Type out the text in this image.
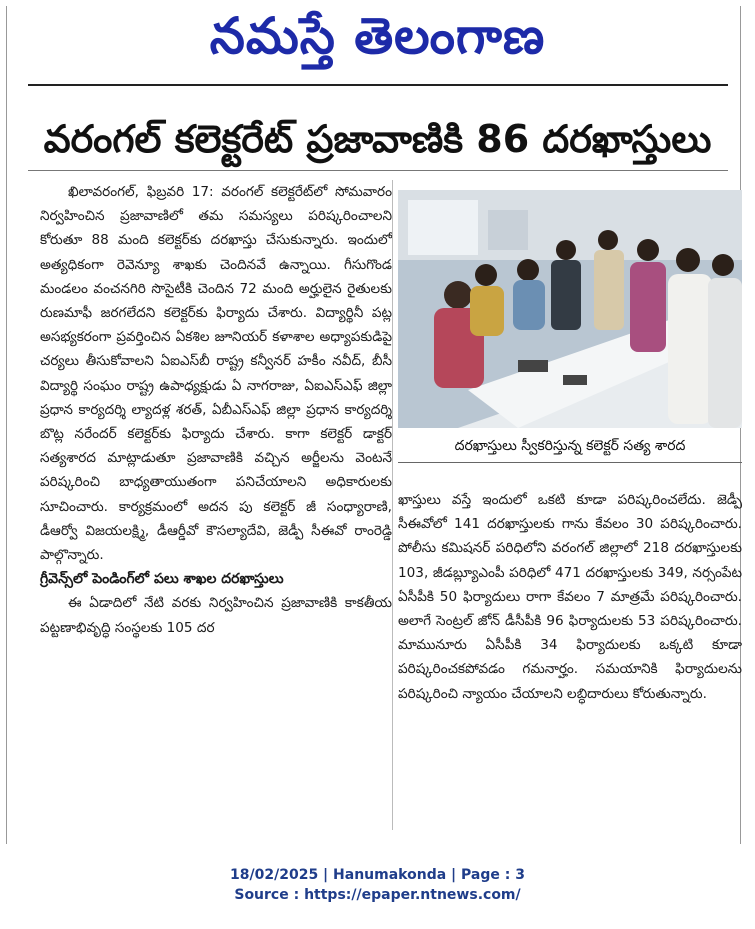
నమస్తే తెలంగాణ
వరంగల్ కలెక్టరేట్ ప్రజావాణికి 86 దరఖాస్తులు

ఖిలావరంగల్, ఫిబ్రవరి 17: వరంగల్ కలెక్టరేట్‌లో సోమవారం నిర్వహించిన ప్రజావాణిలో తమ సమస్యలు పరిష్కరించాలని కోరుతూ 88 మంది కలెక్టర్‌కు దరఖాస్తు చేసుకున్నారు. ఇందులో అత్యధికంగా రెవెన్యూ శాఖకు చెందినవే ఉన్నాయి. గీసుగొండ మండలం వంచనగిరి సొసైటీకి చెందిన 72 మంది అర్హులైన రైతులకు రుణమాఫీ జరగలేదని కలెక్టర్‌కు ఫిర్యాదు చేశారు. విద్యార్థినీ పట్ల అసభ్యకరంగా ప్రవర్తించిన ఏకశిల జూనియర్ కళాశాల అధ్యాపకుడిపై చర్యలు తీసుకోవాలని ఏఐఎస్‌బీ రాష్ట్ర కన్వీనర్ హకీం నవీద్, బీసీ విద్యార్థి సంఘం రాష్ట్ర ఉపాధ్యక్షుడు ఏ నాగరాజు, ఏఐఎస్ఎఫ్ జిల్లా ప్రధాన కార్యదర్శి ల్యాదళ్ల శరత్, ఏబీఎస్ఎఫ్ జిల్లా ప్రధాన కార్యదర్శి బొట్ల నరేందర్ కలెక్టర్‌కు ఫిర్యాదు చేశారు. కాగా కలెక్టర్ డాక్టర్ సత్యశారద మాట్లాడుతూ ప్రజావాణికి వచ్చిన అర్జీలను వెంటనే పరిష్కరించి బాధ్యతాయుతంగా పనిచేయాలని అధికారులకు సూచించారు. కార్యక్రమంలో అదన పు కలెక్టర్ జీ సంధ్యారాణి, డీఆర్వో విజయలక్ష్మి, డీఆర్డీవో కౌసల్యాదేవి, జెడ్పీ సీఈవో రాంరెడ్డి పాల్గొన్నారు.

గ్రీవెన్స్‌లో పెండింగ్‌లో పలు శాఖల దరఖాస్తులు

ఈ ఏడాదిలో నేటి వరకు నిర్వహించిన ప్రజావాణికి కాకతీయ పట్టణాభివృద్ధి సంస్థలకు 105 దర

దరఖాస్తులు స్వీకరిస్తున్న కలెక్టర్ సత్య శారద

ఖాస్తులు వస్తే ఇందులో ఒకటి కూడా పరిష్కరించలేదు. జెడ్పీ సీఈవోలో 141 దరఖాస్తులకు గాను కేవలం 30 పరిష్కరించారు. పోలీసు కమిషనర్ పరిధిలోని వరంగల్ జిల్లాలో 218 దరఖాస్తులకు 103, జీడబ్ల్యూఎంపీ పరిధిలో 471 దరఖాస్తులకు 349, నర్సంపేట ఏసీపీకి 50 ఫిర్యాదులు రాగా కేవలం 7 మాత్రమే పరిష్కరించారు. అలాగే సెంట్రల్ జోన్ డీసీపీకి 96 ఫిర్యాదులకు 53 పరిష్కరించారు. మామునూరు ఏసీపీకి 34 ఫిర్యాదులకు ఒక్కటి కూడా పరిష్కరించకపోవడం గమనార్హం. సమయానికి ఫిర్యాదులను పరిష్కరించి న్యాయం చేయాలని లబ్ధిదారులు కోరుతున్నారు.

18/02/2025 | Hanumakonda | Page : 3
Source : https://epaper.ntnews.com/
